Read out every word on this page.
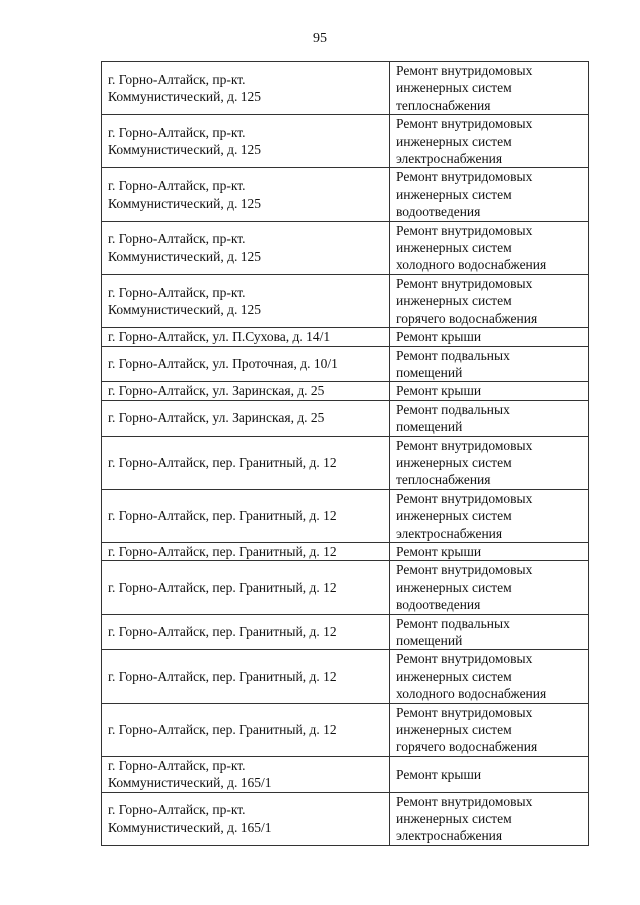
95
г. Горно-Алтайск, пр-кт.
Коммунистический, д. 125	Ремонт внутридомовых
инженерных систем
теплоснабжения
г. Горно-Алтайск, пр-кт.
Коммунистический, д. 125	Ремонт внутридомовых
инженерных систем
электроснабжения
г. Горно-Алтайск, пр-кт.
Коммунистический, д. 125	Ремонт внутридомовых
инженерных систем
водоотведения
г. Горно-Алтайск, пр-кт.
Коммунистический, д. 125	Ремонт внутридомовых
инженерных систем
холодного водоснабжения
г. Горно-Алтайск, пр-кт.
Коммунистический, д. 125	Ремонт внутридомовых
инженерных систем
горячего водоснабжения
г. Горно-Алтайск, ул. П.Сухова, д. 14/1	Ремонт крыши
г. Горно-Алтайск, ул. Проточная, д. 10/1	Ремонт подвальных
помещений
г. Горно-Алтайск, ул. Заринская, д. 25	Ремонт крыши
г. Горно-Алтайск, ул. Заринская, д. 25	Ремонт подвальных
помещений
г. Горно-Алтайск, пер. Гранитный, д. 12	Ремонт внутридомовых
инженерных систем
теплоснабжения
г. Горно-Алтайск, пер. Гранитный, д. 12	Ремонт внутридомовых
инженерных систем
электроснабжения
г. Горно-Алтайск, пер. Гранитный, д. 12	Ремонт крыши
г. Горно-Алтайск, пер. Гранитный, д. 12	Ремонт внутридомовых
инженерных систем
водоотведения
г. Горно-Алтайск, пер. Гранитный, д. 12	Ремонт подвальных
помещений
г. Горно-Алтайск, пер. Гранитный, д. 12	Ремонт внутридомовых
инженерных систем
холодного водоснабжения
г. Горно-Алтайск, пер. Гранитный, д. 12	Ремонт внутридомовых
инженерных систем
горячего водоснабжения
г. Горно-Алтайск, пр-кт.
Коммунистический, д. 165/1	Ремонт крыши
г. Горно-Алтайск, пр-кт.
Коммунистический, д. 165/1	Ремонт внутридомовых
инженерных систем
электроснабжения
